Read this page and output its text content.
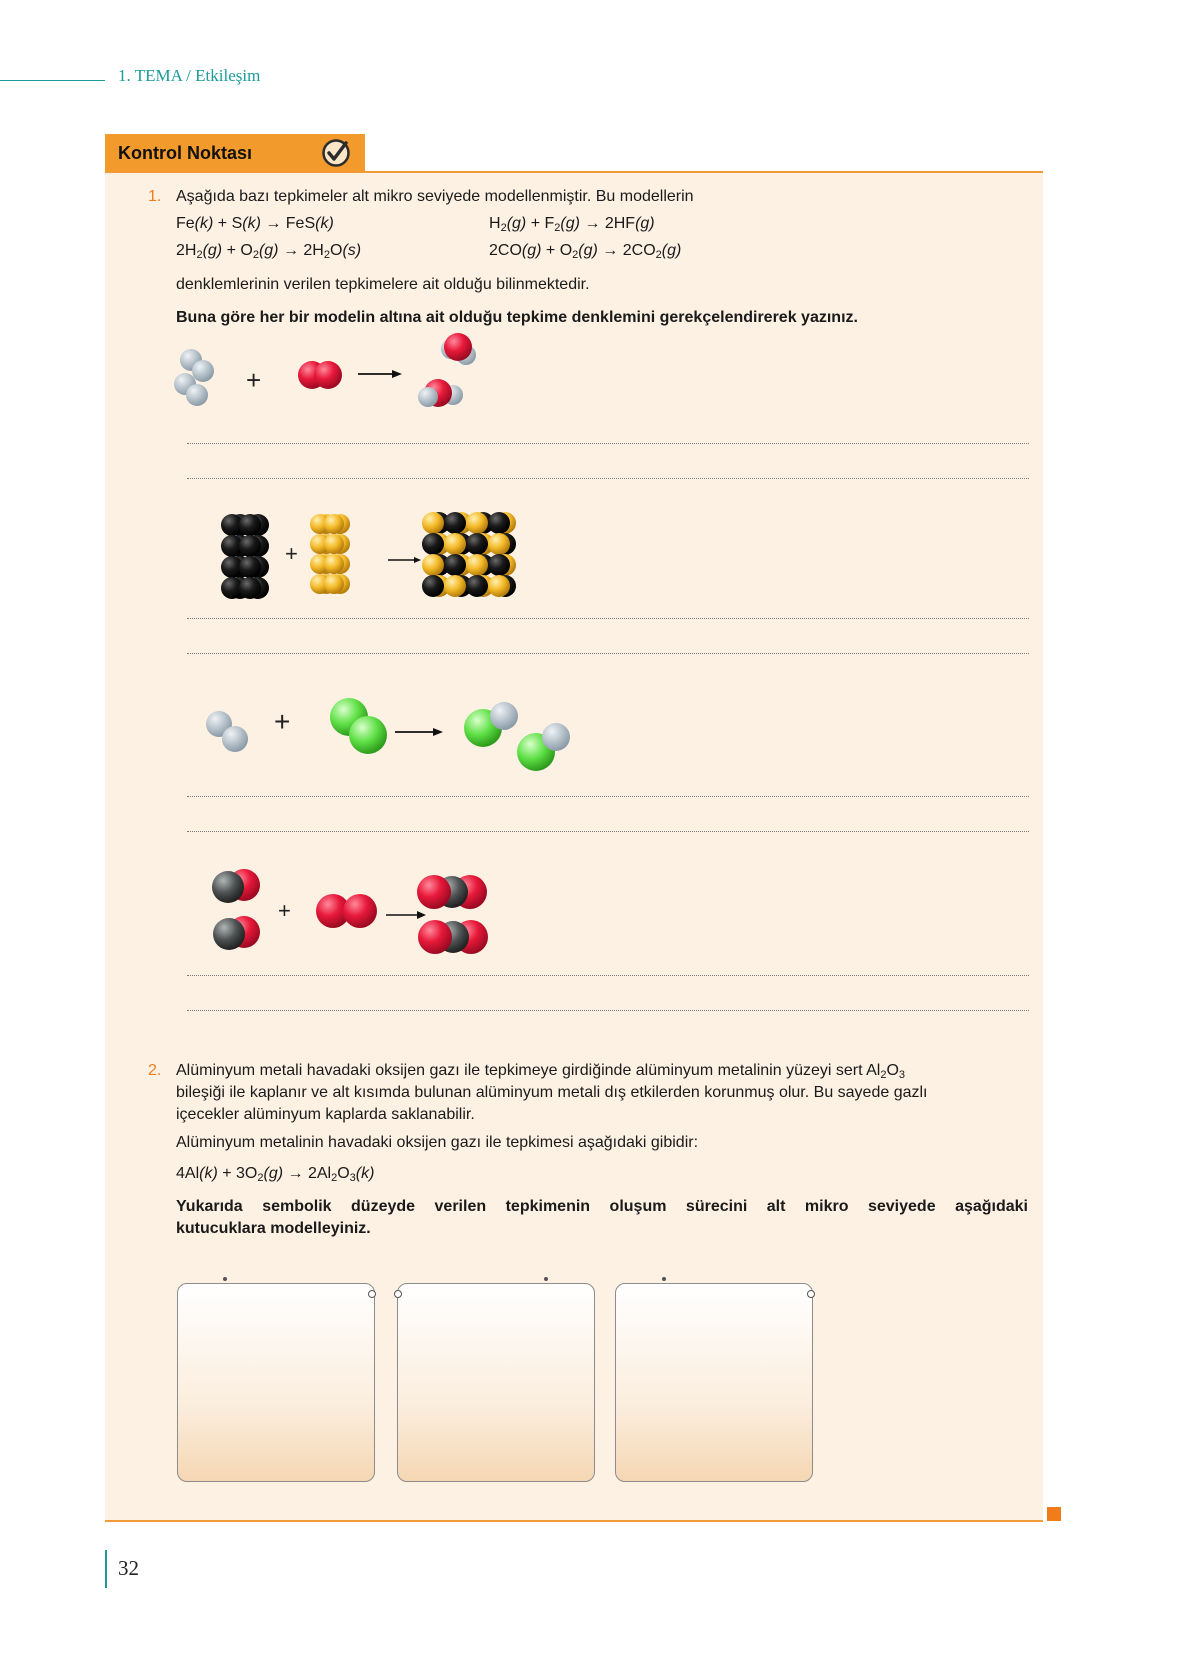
1. TEMA / Etkileşim
Kontrol Noktası
1. Aşağıda bazı tepkimeler alt mikro seviyede modellenmiştir. Bu modellerin
Fe(k) + S(k) → FeS(k)	$H_2(g) + F_2(g) \to 2HF(g)$
$2H_2(g) + O_2(g) \to 2H_2O(s)$	$2CO(g) + O_2(g) \to 2CO_2(g)$
denklemlerinin verilen tepkimelere ait olduğu bilinmektedir.
Buna göre her bir modelin altına ait olduğu tepkime denklemini gerekçelendirerek yazınız.
+
+
+
+
2. Alüminyum metali havadaki oksijen gazı ile tepkimeye girdiğinde alüminyum metalinin yüzeyi sert $Al_2O_3$
bileşiği ile kaplanır ve alt kısımda bulunan alüminyum metali dış etkilerden korunmuş olur. Bu sayede gazlı
içecekler alüminyum kaplarda saklanabilir.
Alüminyum metalinin havadaki oksijen gazı ile tepkimesi aşağıdaki gibidir:
$4Al(k) + 3O_2(g) \to 2Al_2O_3(k)$
Yukarıda sembolik düzeyde verilen tepkimenin oluşum sürecini alt mikro seviyede aşağıdaki
kutucuklara modelleyiniz.
32
